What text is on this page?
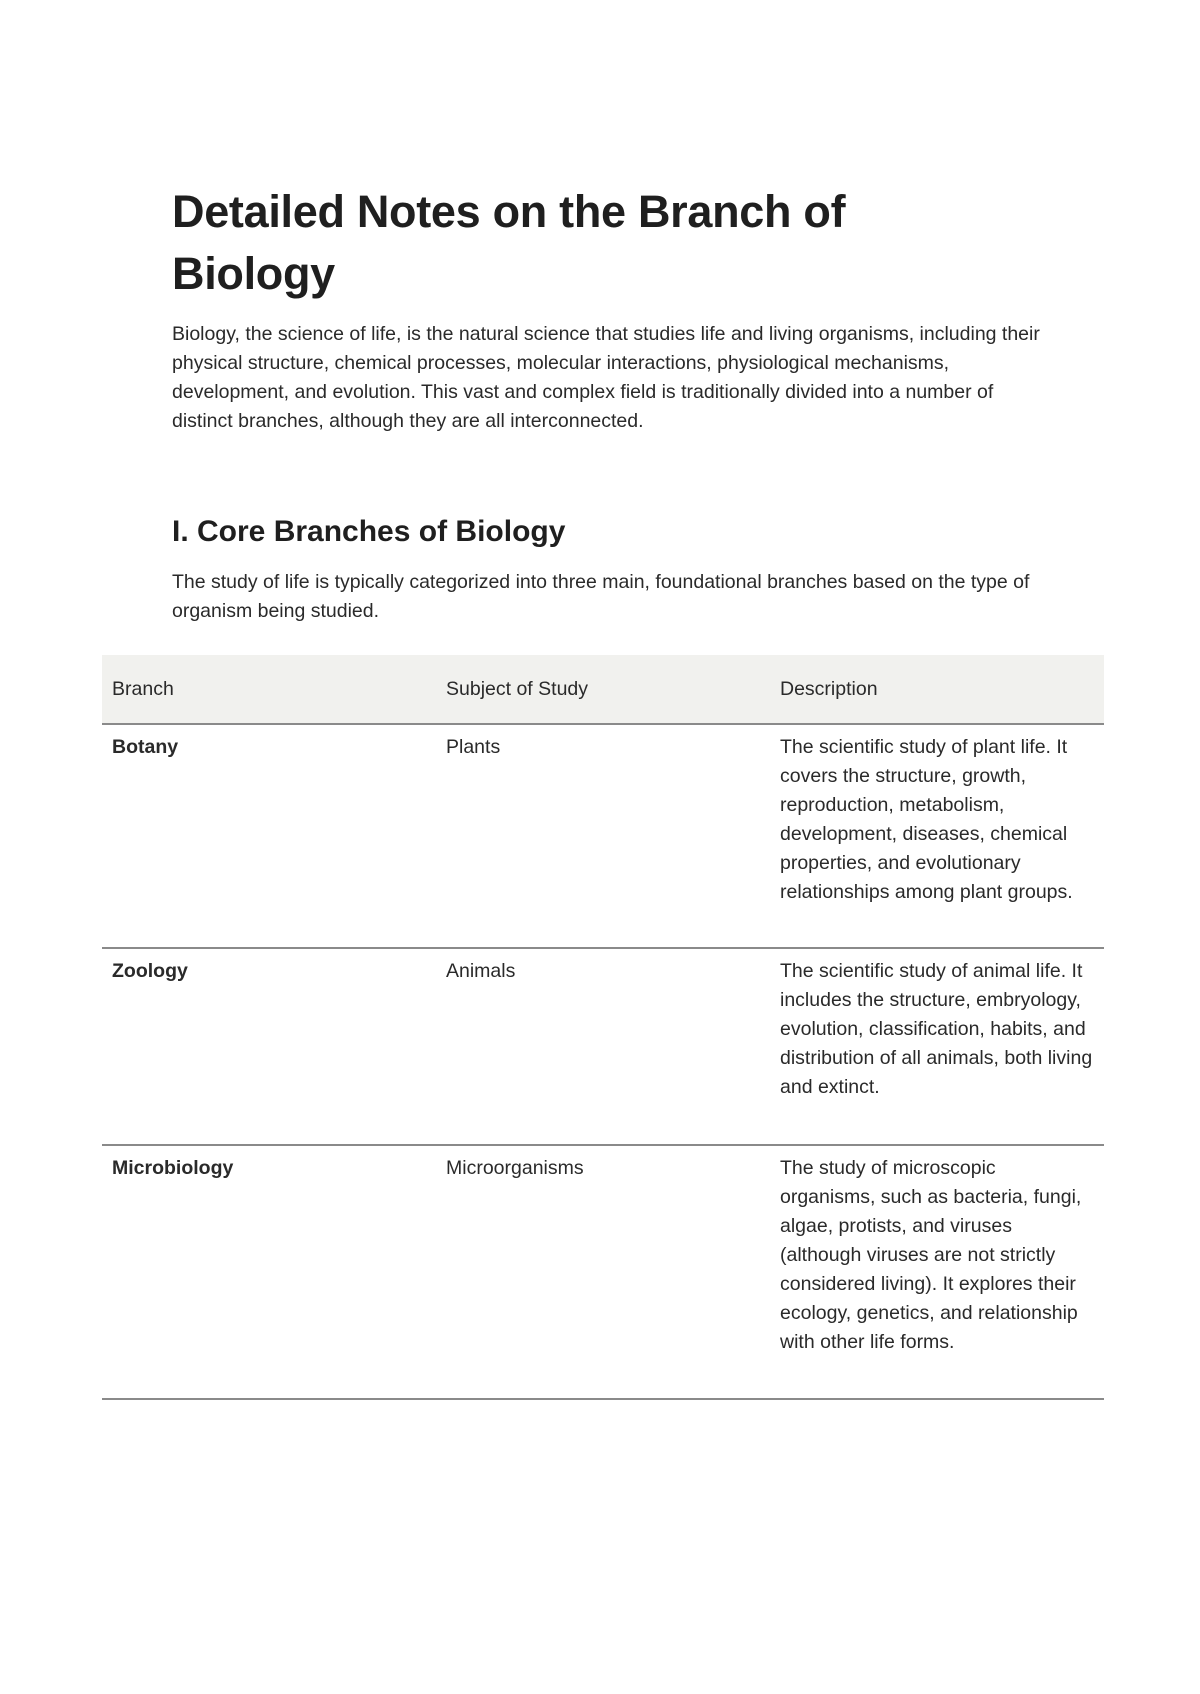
Detailed Notes on the Branch of Biology

Biology, the science of life, is the natural science that studies life and living organisms, including their physical structure, chemical processes, molecular interactions, physiological mechanisms, development, and evolution. This vast and complex field is traditionally divided into a number of distinct branches, although they are all interconnected.

I. Core Branches of Biology

The study of life is typically categorized into three main, foundational branches based on the type of organism being studied.

Branch	Subject of Study	Description
Botany	Plants	The scientific study of plant life. It covers the structure, growth, reproduction, metabolism, development, diseases, chemical properties, and evolutionary relationships among plant groups.
Zoology	Animals	The scientific study of animal life. It includes the structure, embryology, evolution, classification, habits, and distribution of all animals, both living and extinct.
Microbiology	Microorganisms	The study of microscopic organisms, such as bacteria, fungi, algae, protists, and viruses (although viruses are not strictly considered living). It explores their ecology, genetics, and relationship with other life forms.
